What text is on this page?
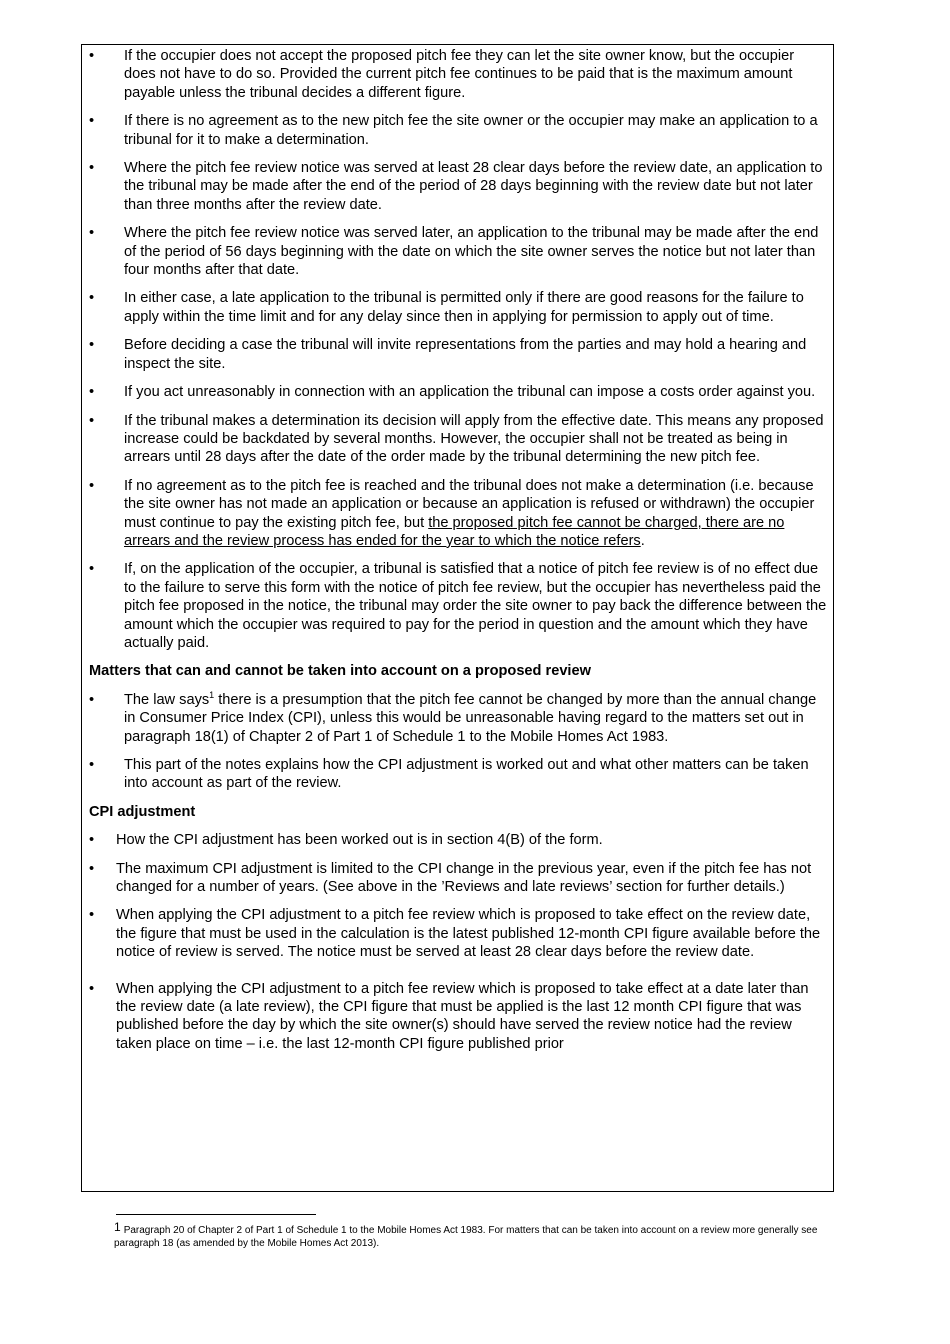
•	If the occupier does not accept the proposed pitch fee they can let the site owner know, but the occupier does not have to do so. Provided the current pitch fee continues to be paid that is the maximum amount payable unless the tribunal decides a different figure.
•	If there is no agreement as to the new pitch fee the site owner or the occupier may make an application to a tribunal for it to make a determination.
•	Where the pitch fee review notice was served at least 28 clear days before the review date, an application to the tribunal may be made after the end of the period of 28 days beginning with the review date but not later than three months after the review date.
•	Where the pitch fee review notice was served later, an application to the tribunal may be made after the end of the period of 56 days beginning with the date on which the site owner serves the notice but not later than four months after that date.
•	In either case, a late application to the tribunal is permitted only if there are good reasons for the failure to apply within the time limit and for any delay since then in applying for permission to apply out of time.
•	Before deciding a case the tribunal will invite representations from the parties and may hold a hearing and inspect the site.
•	If you act unreasonably in connection with an application the tribunal can impose a costs order against you.
•	If the tribunal makes a determination its decision will apply from the effective date. This means any proposed increase could be backdated by several months. However, the occupier shall not be treated as being in arrears until 28 days after the date of the order made by the tribunal determining the new pitch fee.
•	If no agreement as to the pitch fee is reached and the tribunal does not make a determination (i.e. because the site owner has not made an application or because an application is refused or withdrawn) the occupier must continue to pay the existing pitch fee, but the proposed pitch fee cannot be charged, there are no arrears and the review process has ended for the year to which the notice refers.
•	If, on the application of the occupier, a tribunal is satisfied that a notice of pitch fee review is of no effect due to the failure to serve this form with the notice of pitch fee review, but the occupier has nevertheless paid the pitch fee proposed in the notice, the tribunal may order the site owner to pay back the difference between the amount which the occupier was required to pay for the period in question and the amount which they have actually paid.
Matters that can and cannot be taken into account on a proposed review
•	The law says$^1$ there is a presumption that the pitch fee cannot be changed by more than the annual change in Consumer Price Index (CPI), unless this would be unreasonable having regard to the matters set out in paragraph 18(1) of Chapter 2 of Part 1 of Schedule 1 to the Mobile Homes Act 1983.
•	This part of the notes explains how the CPI adjustment is worked out and what other matters can be taken into account as part of the review.
CPI adjustment
•	How the CPI adjustment has been worked out is in section 4(B) of the form.
•	The maximum CPI adjustment is limited to the CPI change in the previous year, even if the pitch fee has not changed for a number of years. (See above in the ’Reviews and late reviews’ section for further details.)
•	When applying the CPI adjustment to a pitch fee review which is proposed to take effect on the review date, the figure that must be used in the calculation is the latest published 12-month CPI figure available before the notice of review is served. The notice must be served at least 28 clear days before the review date.
•	When applying the CPI adjustment to a pitch fee review which is proposed to take effect at a date later than the review date (a late review), the CPI figure that must be applied is the last 12 month CPI figure that was published before the day by which the site owner(s) should have served the review notice had the review taken place on time – i.e. the last 12-month CPI figure published prior
1 Paragraph 20 of Chapter 2 of Part 1 of Schedule 1 to the Mobile Homes Act 1983. For matters that can be taken into account on a review more generally see paragraph 18 (as amended by the Mobile Homes Act 2013).
